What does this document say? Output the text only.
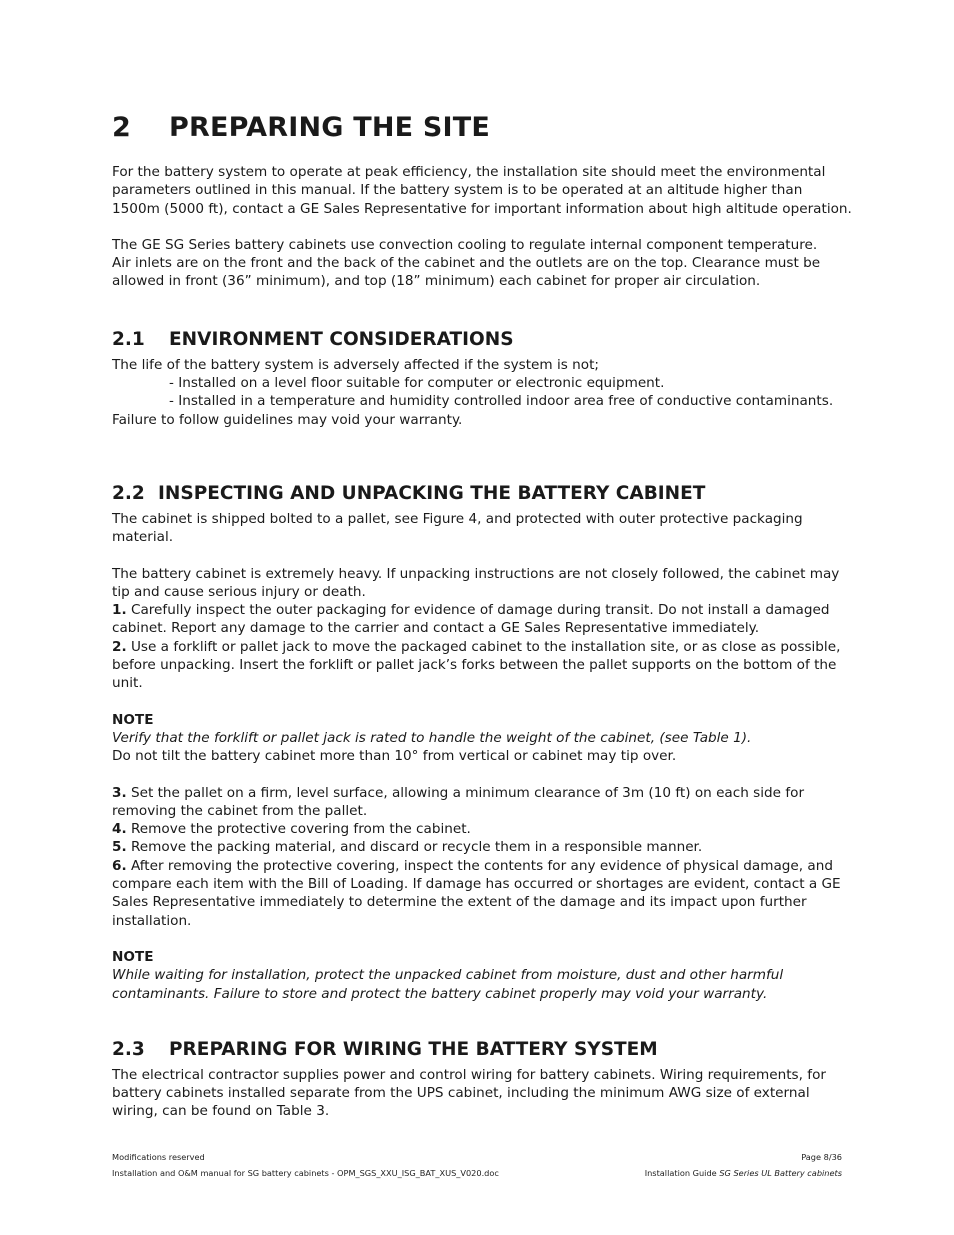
2	PREPARING THE SITE

For the battery system to operate at peak efficiency, the installation site should meet the environmental parameters outlined in this manual. If the battery system is to be operated at an altitude higher than 1500m (5000 ft), contact a GE Sales Representative for important information about high altitude operation.

The GE SG Series battery cabinets use convection cooling to regulate internal component temperature.

Air inlets are on the front and the back of the cabinet and the outlets are on the top. Clearance must be allowed in front (36” minimum), and top (18” minimum) each cabinet for proper air circulation.

2.1	ENVIRONMENT CONSIDERATIONS

The life of the battery system is adversely affected if the system is not;

- Installed on a level floor suitable for computer or electronic equipment.

- Installed in a temperature and humidity controlled indoor area free of conductive contaminants.

Failure to follow guidelines may void your warranty.

2.2 INSPECTING AND UNPACKING THE BATTERY CABINET

The cabinet is shipped bolted to a pallet, see Figure 4, and protected with outer protective packaging material.

The battery cabinet is extremely heavy. If unpacking instructions are not closely followed, the cabinet may tip and cause serious injury or death.

1. Carefully inspect the outer packaging for evidence of damage during transit. Do not install a damaged cabinet. Report any damage to the carrier and contact a GE Sales Representative immediately.

2. Use a forklift or pallet jack to move the packaged cabinet to the installation site, or as close as possible, before unpacking. Insert the forklift or pallet jack’s forks between the pallet supports on the bottom of the unit.

NOTE

Verify that the forklift or pallet jack is rated to handle the weight of the cabinet, (see Table 1).

Do not tilt the battery cabinet more than 10° from vertical or cabinet may tip over.

3. Set the pallet on a firm, level surface, allowing a minimum clearance of 3m (10 ft) on each side for removing the cabinet from the pallet.

4. Remove the protective covering from the cabinet.

5. Remove the packing material, and discard or recycle them in a responsible manner.

6. After removing the protective covering, inspect the contents for any evidence of physical damage, and compare each item with the Bill of Loading. If damage has occurred or shortages are evident, contact a GE Sales Representative immediately to determine the extent of the damage and its impact upon further installation.

NOTE

While waiting for installation, protect the unpacked cabinet from moisture, dust and other harmful contaminants. Failure to store and protect the battery cabinet properly may void your warranty.

2.3	PREPARING FOR WIRING THE BATTERY SYSTEM

The electrical contractor supplies power and control wiring for battery cabinets. Wiring requirements, for battery cabinets installed separate from the UPS cabinet, including the minimum AWG size of external wiring, can be found on Table 3.

Modifications reserved	Page 8/36
Installation and O&M manual for SG battery cabinets - OPM_SGS_XXU_ISG_BAT_XUS_V020.doc	Installation Guide SG Series UL Battery cabinets
